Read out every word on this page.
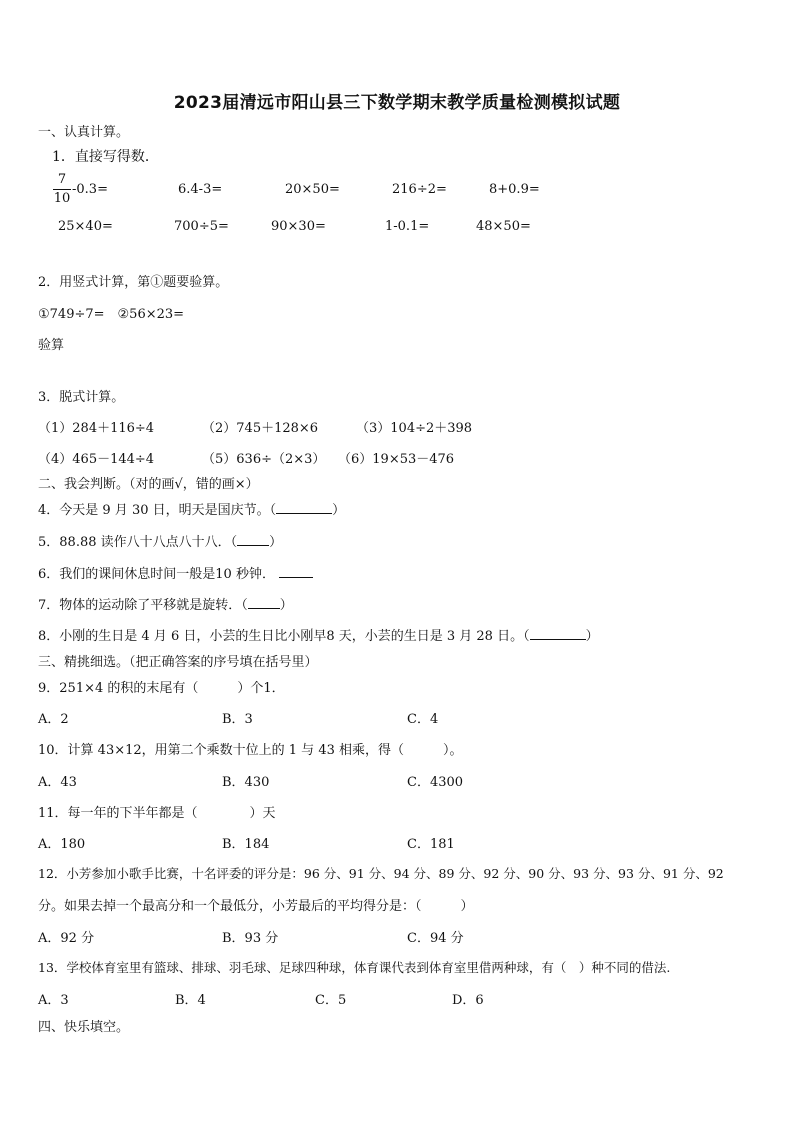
2023届清远市阳山县三下数学期末教学质量检测模拟试题
一、认真计算。
1．直接写得数．
7
10
-0.3=	6.4-3=	20×50=	216÷2=	8+0.9=
25×40=	700÷5=	90×30=	1-0.1=	48×50=
2．用竖式计算，第①题要验算。
①749÷7=　②56×23=
验算
3．脱式计算。
（1）284＋116÷4	（2）745＋128×6	（3）104÷2＋398
（4）465－144÷4	（5）636÷（2×3） （6）19×53－476
二、我会判断。（对的画√，错的画×）
4．今天是 9 月 30 日，明天是国庆节。（	）
5．88.88 读作八十八点八十八．（ ）
6．我们的课间休息时间一般是10 秒钟．
7．物体的运动除了平移就是旋转．（ ）
8．小刚的生日是 4 月 6 日，小芸的生日比小刚早8 天，小芸的生日是 3 月 28 日。（	）
三、精挑细选。（把正确答案的序号填在括号里）
9．251×4 的积的末尾有（　　　）个1．
A．2	B．3	C．4
10．计算 43×12，用第二个乘数十位上的 1 与 43 相乘，得（　　　）。
A．43	B．430	C．4300
11．每一年的下半年都是（　　　　）天
A．180	B．184	C．181
12．小芳参加小歌手比赛，十名评委的评分是：96 分、91 分、94 分、89 分、92 分、90 分、93 分、93 分、91 分、92
分。如果去掉一个最高分和一个最低分，小芳最后的平均得分是：（　　　）
A．92 分	B．93 分	C．94 分
13．学校体育室里有篮球、排球、羽毛球、足球四种球，体育课代表到体育室里借两种球，有（　）种不同的借法.
A．3	B．4	C．5	D．6
四、快乐填空。
